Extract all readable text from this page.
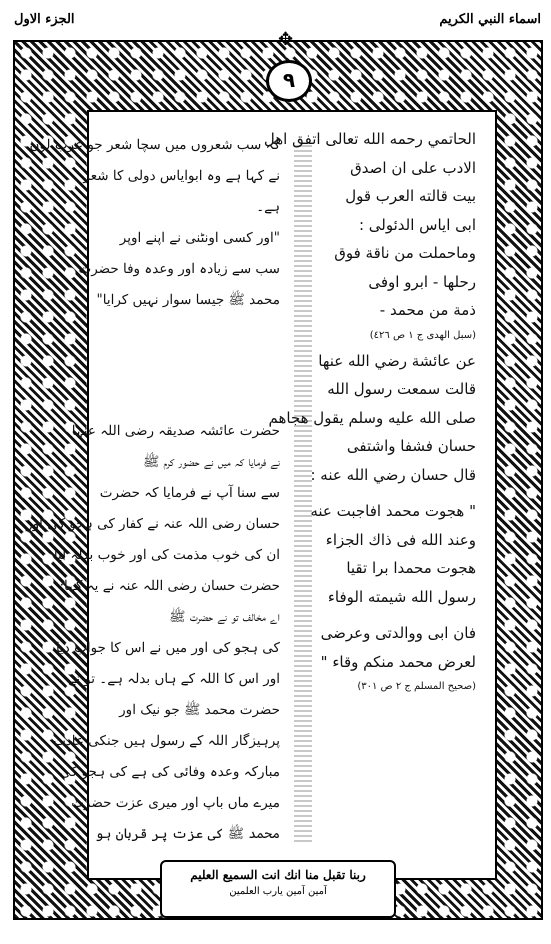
الجزء الاول	اسماء النبي الكريم
✥
۹

کہ سب شعروں میں سچا شعر جو عرب لوں

نے کہا ہے وہ ابوایاس دولی کا شعر

ہے۔

"اور کسی اونٹنی نے اپنے اوپر

سب سے زیادہ اور وعدہ وفا حضرت

محمد ﷺ جیسا سوار نہیں کرایا"

حضرت عائشہ صدیقہ رضی اللہ عنہا

نے فرمایا کہ میں نے حضور کرم ﷺ

سے سنا آپ نے فرمایا کہ حضرت

حسان رضی اللہ عنہ نے کفار کی ہجو کی اور

ان کی خوب مذمت کی اور خوب بدلہ لیا

حضرت حسان رضی اللہ عنہ نے یہ کہا:

اے مخالف تو نے حضرت ﷺ

کی ہجو کی اور میں نے اس کا جواب دیا

اور اس کا اللہ کے ہاں بدلہ ہے۔ تو نے

حضرت محمد ﷺ جو نیک اور

پرہیزگار اللہ کے رسول ہیں جنکی عادت

مبارکہ وعدہ وفائی کی ہے کی ہجو کی

میرے ماں باپ اور میری عزت حضرت

محمد ﷺ کی عزت پر قربان ہو

الحاتمي رحمه الله تعالى اتفق اهل

الادب على ان اصدق

بيت قالته العرب قول

ابى اياس الدئولى :

وماحملت من ناقة فوق

رحلها - ابرو اوفى

ذمة من محمد -

(سبل الهدى ج ١ ص ٤٢٦)

عن عائشة رضي الله عنها

قالت سمعت رسول الله

صلى الله عليه وسلم يقول هجاهم

حسان فشفا واشتفى

قال حسان رضي الله عنه :

" هجوت محمد افاجبت عنه

وعند الله فى ذاك الجزاء

هجوت محمدا برا تقيا

رسول الله شيمته الوفاء

فان ابى ووالدتى وعرضى

لعرض محمد منكم وقاء "

(صحيح المسلم ج ٢ ص ٣٠١)

ربنا تقبل منا انك انت السميع العليم
آمین آمین یارب العلمین
